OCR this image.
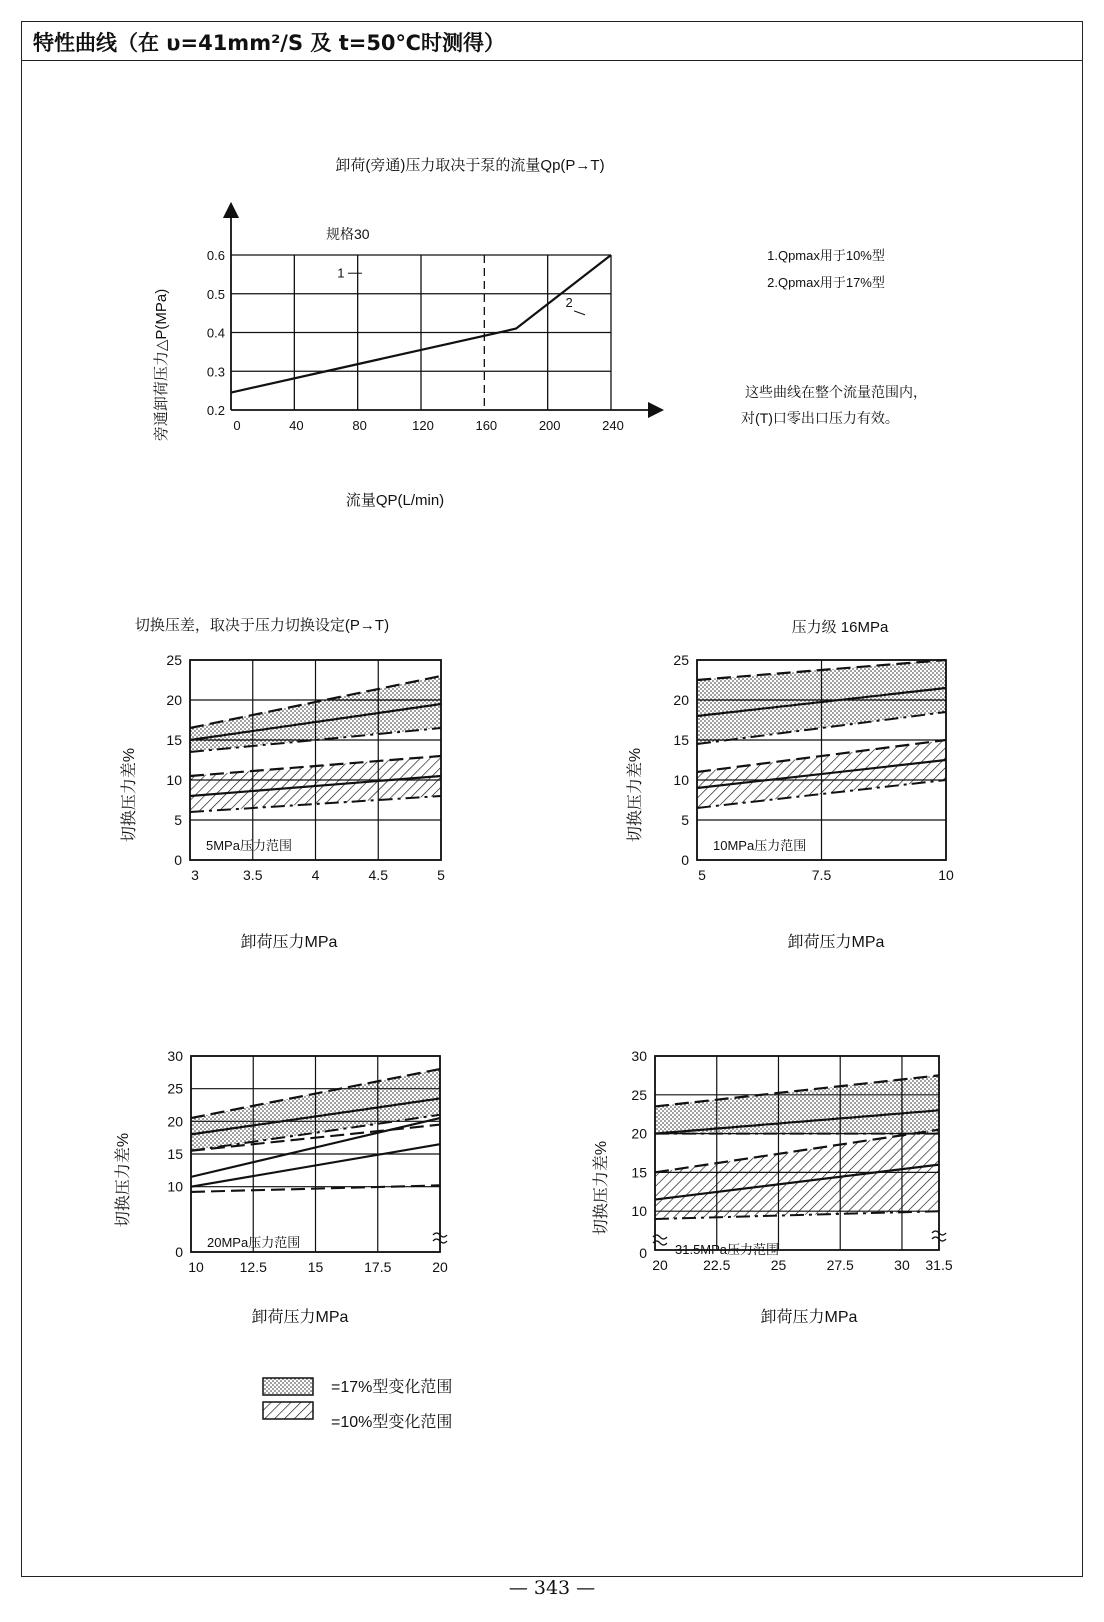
特性曲线（在 υ=41mm²/S 及 t=50℃时测得）
0	40	80	120	160	200	240
0.2
0.3
0.4
0.5
0.6
1
2
卸荷(旁通)压力取决于泵的流量Qp(P→T)
规格30
流量QP(L/min)
旁通卸荷压力△P(MPa)
1.Qpmax用于10%型
2.Qpmax用于17%型
这些曲线在整个流量范围内，
对(T)口零出口压力有效。
3	3.5	4	4.5	5
0
5
10
15
20
25
5MPa压力范围
卸荷压力MPa
切换压力差%
切换压差，取决于压力切换设定(P→T)
5	7.5	10
0
5
10
15
20
25
10MPa压力范围
卸荷压力MPa
切换压力差%
压力级 16MPa
10	12.5	15	17.5	20
0
10
15
20
25
30
20MPa压力范围
卸荷压力MPa
切换压力差%
20	22.5	25	27.5	30 31.5
0
10
15
20
25
30
31.5MPa压力范围
卸荷压力MPa
切换压力差%
=17%型变化范围
=10%型变化范围
— 343 —
